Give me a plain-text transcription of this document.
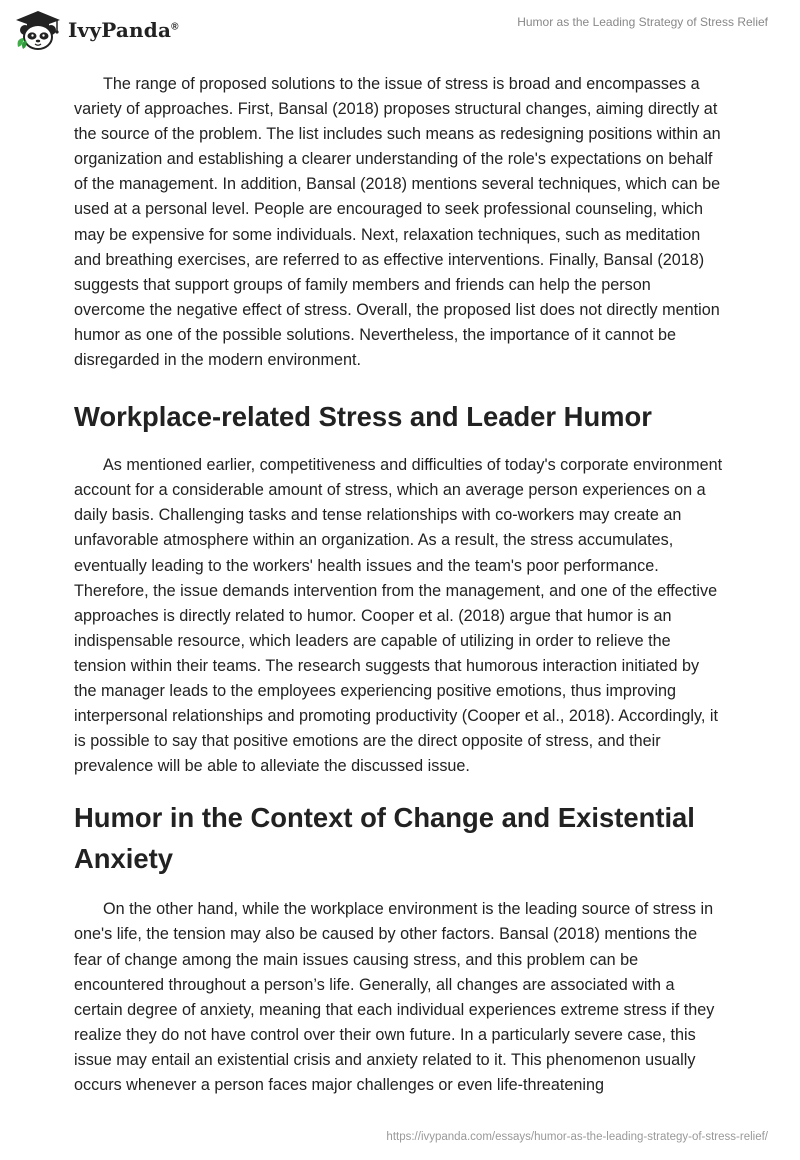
IvyPanda®	Humor as the Leading Strategy of Stress Relief

The range of proposed solutions to the issue of stress is broad and encompasses a variety of approaches. First, Bansal (2018) proposes structural changes, aiming directly at the source of the problem. The list includes such means as redesigning positions within an organization and establishing a clearer understanding of the role's expectations on behalf of the management. In addition, Bansal (2018) mentions several techniques, which can be used at a personal level. People are encouraged to seek professional counseling, which may be expensive for some individuals. Next, relaxation techniques, such as meditation and breathing exercises, are referred to as effective interventions. Finally, Bansal (2018) suggests that support groups of family members and friends can help the person overcome the negative effect of stress. Overall, the proposed list does not directly mention humor as one of the possible solutions. Nevertheless, the importance of it cannot be disregarded in the modern environment.

Workplace-related Stress and Leader Humor

As mentioned earlier, competitiveness and difficulties of today's corporate environment account for a considerable amount of stress, which an average person experiences on a daily basis. Challenging tasks and tense relationships with co-workers may create an unfavorable atmosphere within an organization. As a result, the stress accumulates, eventually leading to the workers' health issues and the team's poor performance. Therefore, the issue demands intervention from the management, and one of the effective approaches is directly related to humor. Cooper et al. (2018) argue that humor is an indispensable resource, which leaders are capable of utilizing in order to relieve the tension within their teams. The research suggests that humorous interaction initiated by the manager leads to the employees experiencing positive emotions, thus improving interpersonal relationships and promoting productivity (Cooper et al., 2018). Accordingly, it is possible to say that positive emotions are the direct opposite of stress, and their prevalence will be able to alleviate the discussed issue.

Humor in the Context of Change and Existential Anxiety

On the other hand, while the workplace environment is the leading source of stress in one's life, the tension may also be caused by other factors. Bansal (2018) mentions the fear of change among the main issues causing stress, and this problem can be encountered throughout a person’s life. Generally, all changes are associated with a certain degree of anxiety, meaning that each individual experiences extreme stress if they realize they do not have control over their own future. In a particularly severe case, this issue may entail an existential crisis and anxiety related to it. This phenomenon usually occurs whenever a person faces major challenges or even life-threatening

https://ivypanda.com/essays/humor-as-the-leading-strategy-of-stress-relief/
